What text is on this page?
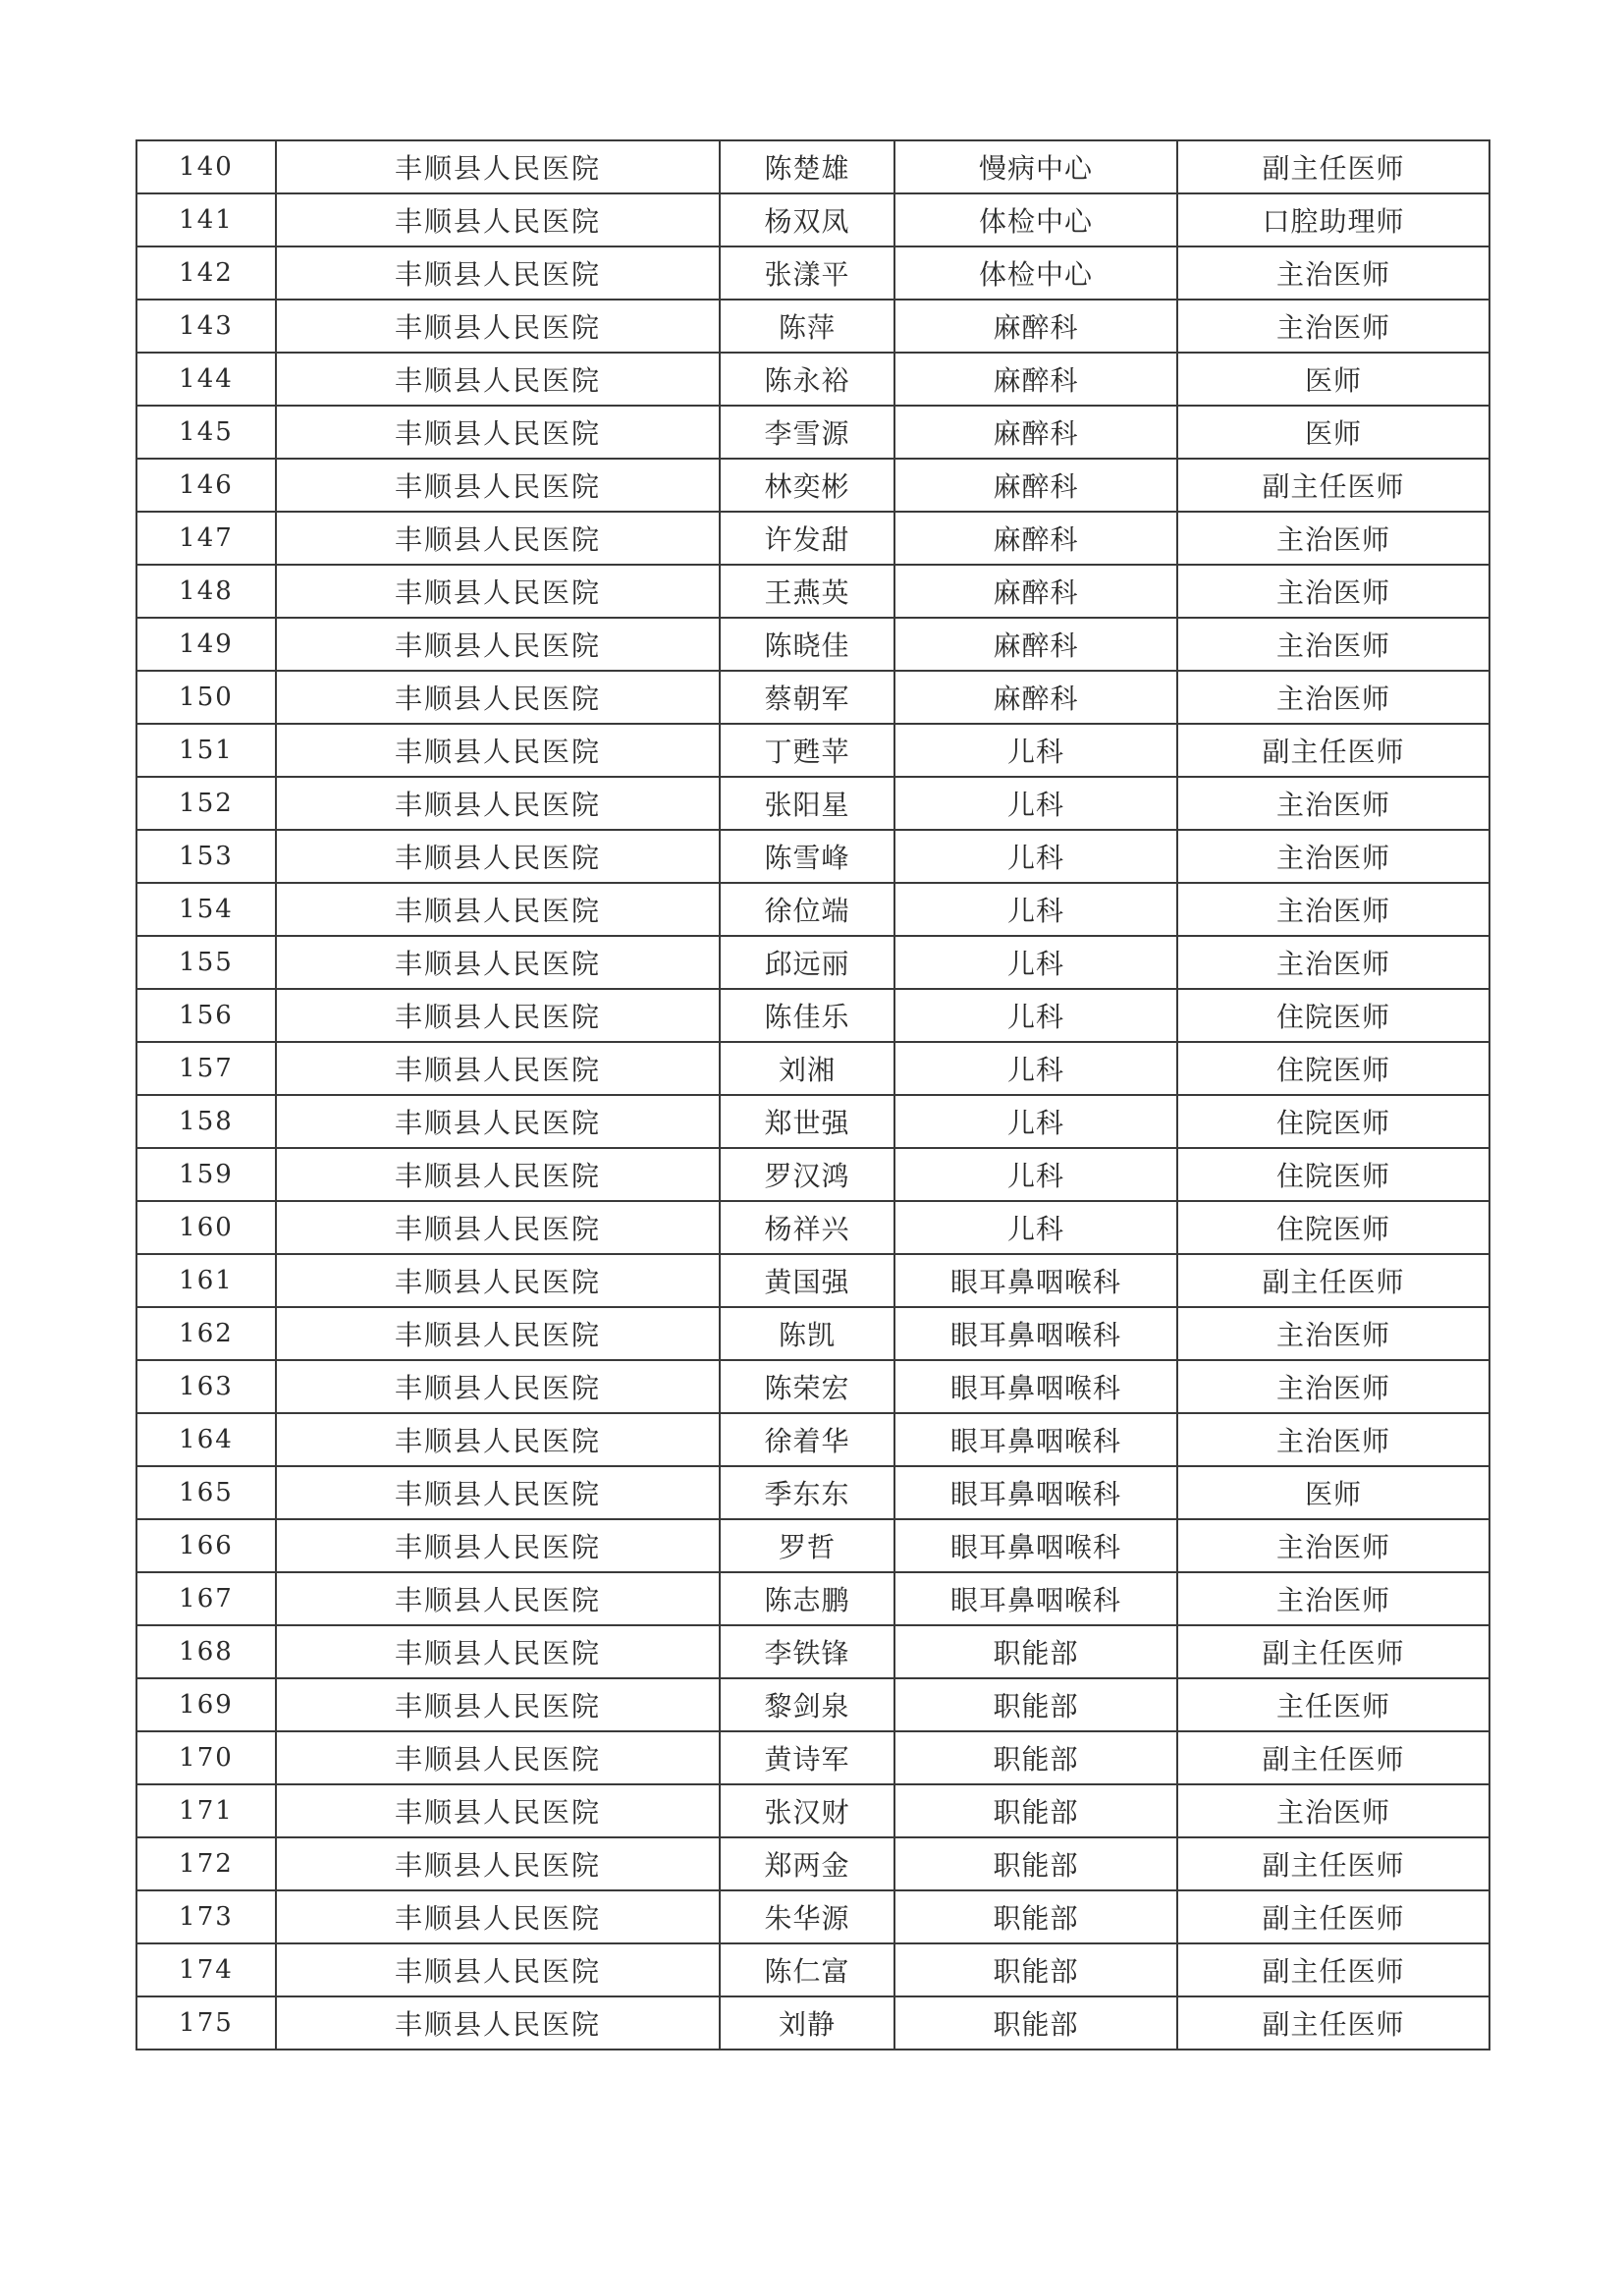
140	丰顺县人民医院	陈楚雄	慢病中心	副主任医师
141	丰顺县人民医院	杨双凤	体检中心	口腔助理师
142	丰顺县人民医院	张漾平	体检中心	主治医师
143	丰顺县人民医院	陈萍	麻醉科	主治医师
144	丰顺县人民医院	陈永裕	麻醉科	医师
145	丰顺县人民医院	李雪源	麻醉科	医师
146	丰顺县人民医院	林奕彬	麻醉科	副主任医师
147	丰顺县人民医院	许发甜	麻醉科	主治医师
148	丰顺县人民医院	王燕英	麻醉科	主治医师
149	丰顺县人民医院	陈晓佳	麻醉科	主治医师
150	丰顺县人民医院	蔡朝军	麻醉科	主治医师
151	丰顺县人民医院	丁甦苹	儿科	副主任医师
152	丰顺县人民医院	张阳星	儿科	主治医师
153	丰顺县人民医院	陈雪峰	儿科	主治医师
154	丰顺县人民医院	徐位端	儿科	主治医师
155	丰顺县人民医院	邱远丽	儿科	主治医师
156	丰顺县人民医院	陈佳乐	儿科	住院医师
157	丰顺县人民医院	刘湘	儿科	住院医师
158	丰顺县人民医院	郑世强	儿科	住院医师
159	丰顺县人民医院	罗汉鸿	儿科	住院医师
160	丰顺县人民医院	杨祥兴	儿科	住院医师
161	丰顺县人民医院	黄国强	眼耳鼻咽喉科	副主任医师
162	丰顺县人民医院	陈凯	眼耳鼻咽喉科	主治医师
163	丰顺县人民医院	陈荣宏	眼耳鼻咽喉科	主治医师
164	丰顺县人民医院	徐着华	眼耳鼻咽喉科	主治医师
165	丰顺县人民医院	季东东	眼耳鼻咽喉科	医师
166	丰顺县人民医院	罗哲	眼耳鼻咽喉科	主治医师
167	丰顺县人民医院	陈志鹏	眼耳鼻咽喉科	主治医师
168	丰顺县人民医院	李铁锋	职能部	副主任医师
169	丰顺县人民医院	黎剑泉	职能部	主任医师
170	丰顺县人民医院	黄诗军	职能部	副主任医师
171	丰顺县人民医院	张汉财	职能部	主治医师
172	丰顺县人民医院	郑两金	职能部	副主任医师
173	丰顺县人民医院	朱华源	职能部	副主任医师
174	丰顺县人民医院	陈仁富	职能部	副主任医师
175	丰顺县人民医院	刘静	职能部	副主任医师
